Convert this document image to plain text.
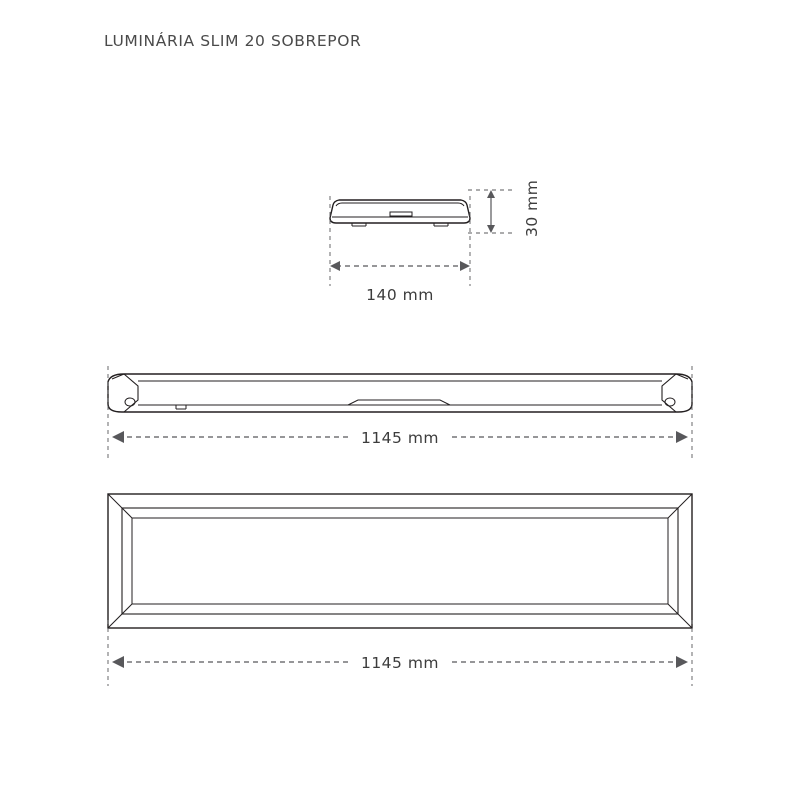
LUMINÁRIA SLIM 20 SOBREPOR
30 mm
140 mm
1145 mm
1145 mm
